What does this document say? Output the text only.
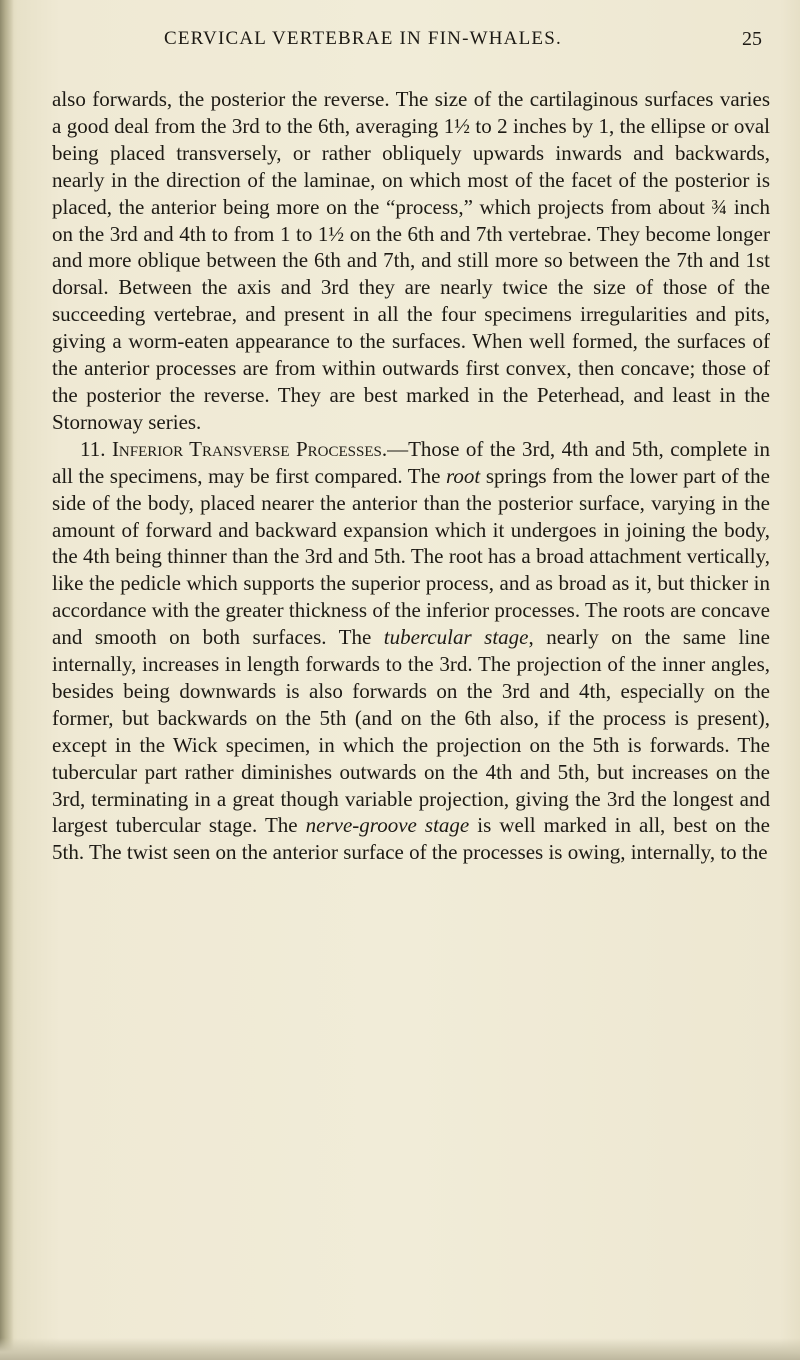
CERVICAL VERTEBRAE IN FIN-WHALES.	25

also forwards, the posterior the reverse. The size of the cartilaginous surfaces varies a good deal from the 3rd to the 6th, averaging 1½ to 2 inches by 1, the ellipse or oval being placed transversely, or rather obliquely upwards inwards and backwards, nearly in the direction of the laminae, on which most of the facet of the posterior is placed, the anterior being more on the “process,” which projects from about ¾ inch on the 3rd and 4th to from 1 to 1½ on the 6th and 7th vertebrae. They become longer and more oblique between the 6th and 7th, and still more so between the 7th and 1st dorsal. Between the axis and 3rd they are nearly twice the size of those of the succeeding vertebrae, and present in all the four specimens irregularities and pits, giving a worm-eaten appearance to the surfaces. When well formed, the surfaces of the anterior processes are from within outwards first convex, then concave; those of the posterior the reverse. They are best marked in the Peterhead, and least in the Stornoway series.

11. Inferior Transverse Processes.—Those of the 3rd, 4th and 5th, complete in all the specimens, may be first compared. The root springs from the lower part of the side of the body, placed nearer the anterior than the posterior surface, varying in the amount of forward and backward expansion which it undergoes in joining the body, the 4th being thinner than the 3rd and 5th. The root has a broad attachment vertically, like the pedicle which supports the superior process, and as broad as it, but thicker in accordance with the greater thickness of the inferior processes. The roots are concave and smooth on both surfaces. The tubercular stage, nearly on the same line internally, increases in length forwards to the 3rd. The projection of the inner angles, besides being downwards is also forwards on the 3rd and 4th, especially on the former, but backwards on the 5th (and on the 6th also, if the process is present), except in the Wick specimen, in which the projection on the 5th is forwards. The tubercular part rather diminishes outwards on the 4th and 5th, but increases on the 3rd, terminating in a great though variable projection, giving the 3rd the longest and largest tubercular stage. The nerve-groove stage is well marked in all, best on the 5th. The twist seen on the anterior surface of the processes is owing, internally, to the
